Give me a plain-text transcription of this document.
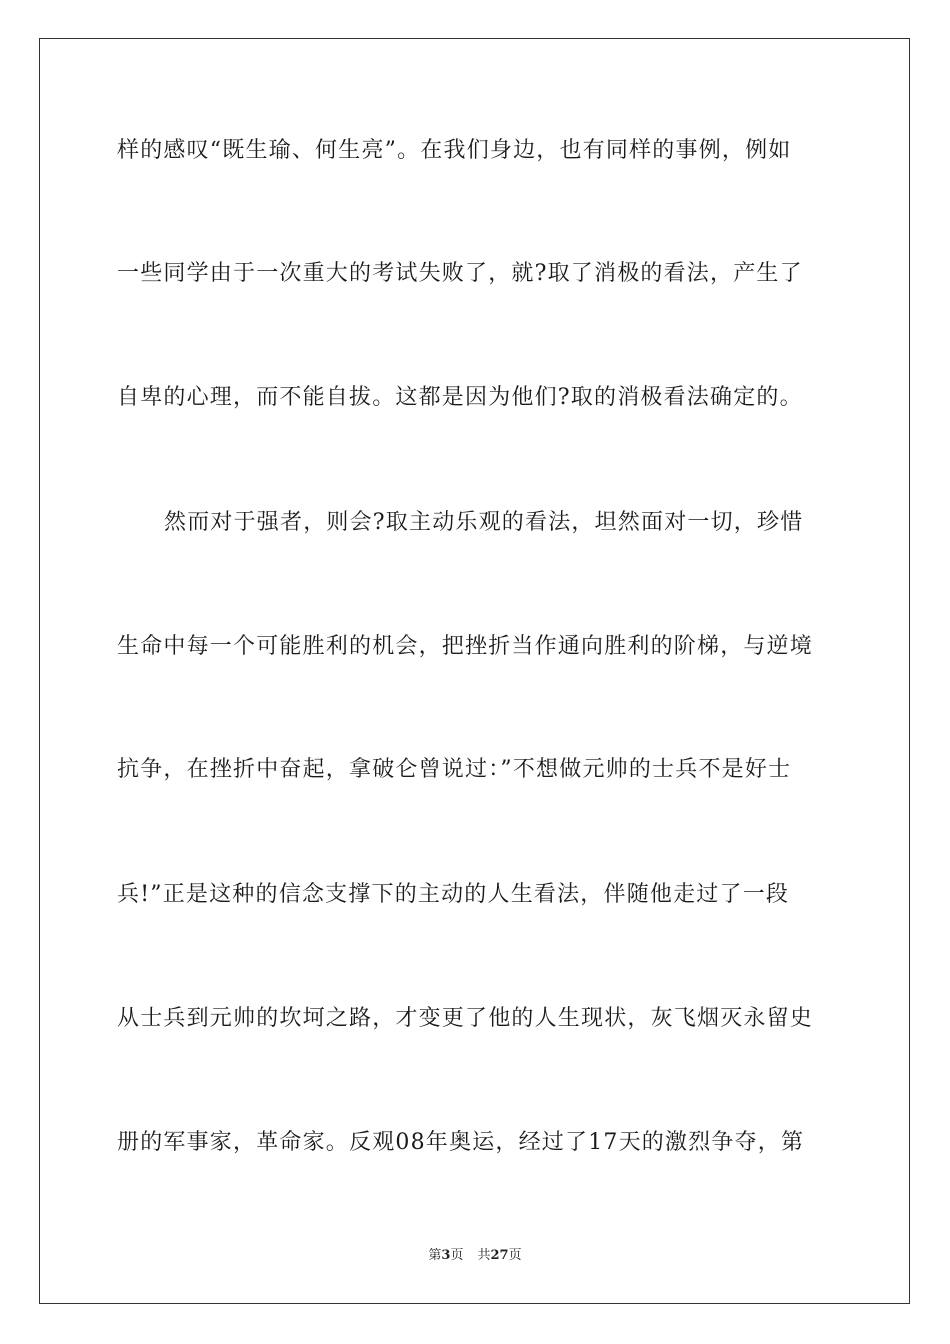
样的感叹“既生瑜、何生亮”。在我们身边，也有同样的事例，例如
一些同学由于一次重大的考试失败了，就?取了消极的看法，产生了
自卑的心理，而不能自拔。这都是因为他们?取的消极看法确定的。
然而对于强者，则会?取主动乐观的看法，坦然面对一切，珍惜
生命中每一个可能胜利的机会，把挫折当作通向胜利的阶梯，与逆境
抗争，在挫折中奋起，拿破仑曾说过：”不想做元帅的士兵不是好士
兵!”正是这种的信念支撑下的主动的人生看法，伴随他走过了一段
从士兵到元帅的坎坷之路，才变更了他的人生现状，灰飞烟灭永留史
册的军事家，革命家。反观08年奥运，经过了17天的激烈争夺，第
第3页 共27页
